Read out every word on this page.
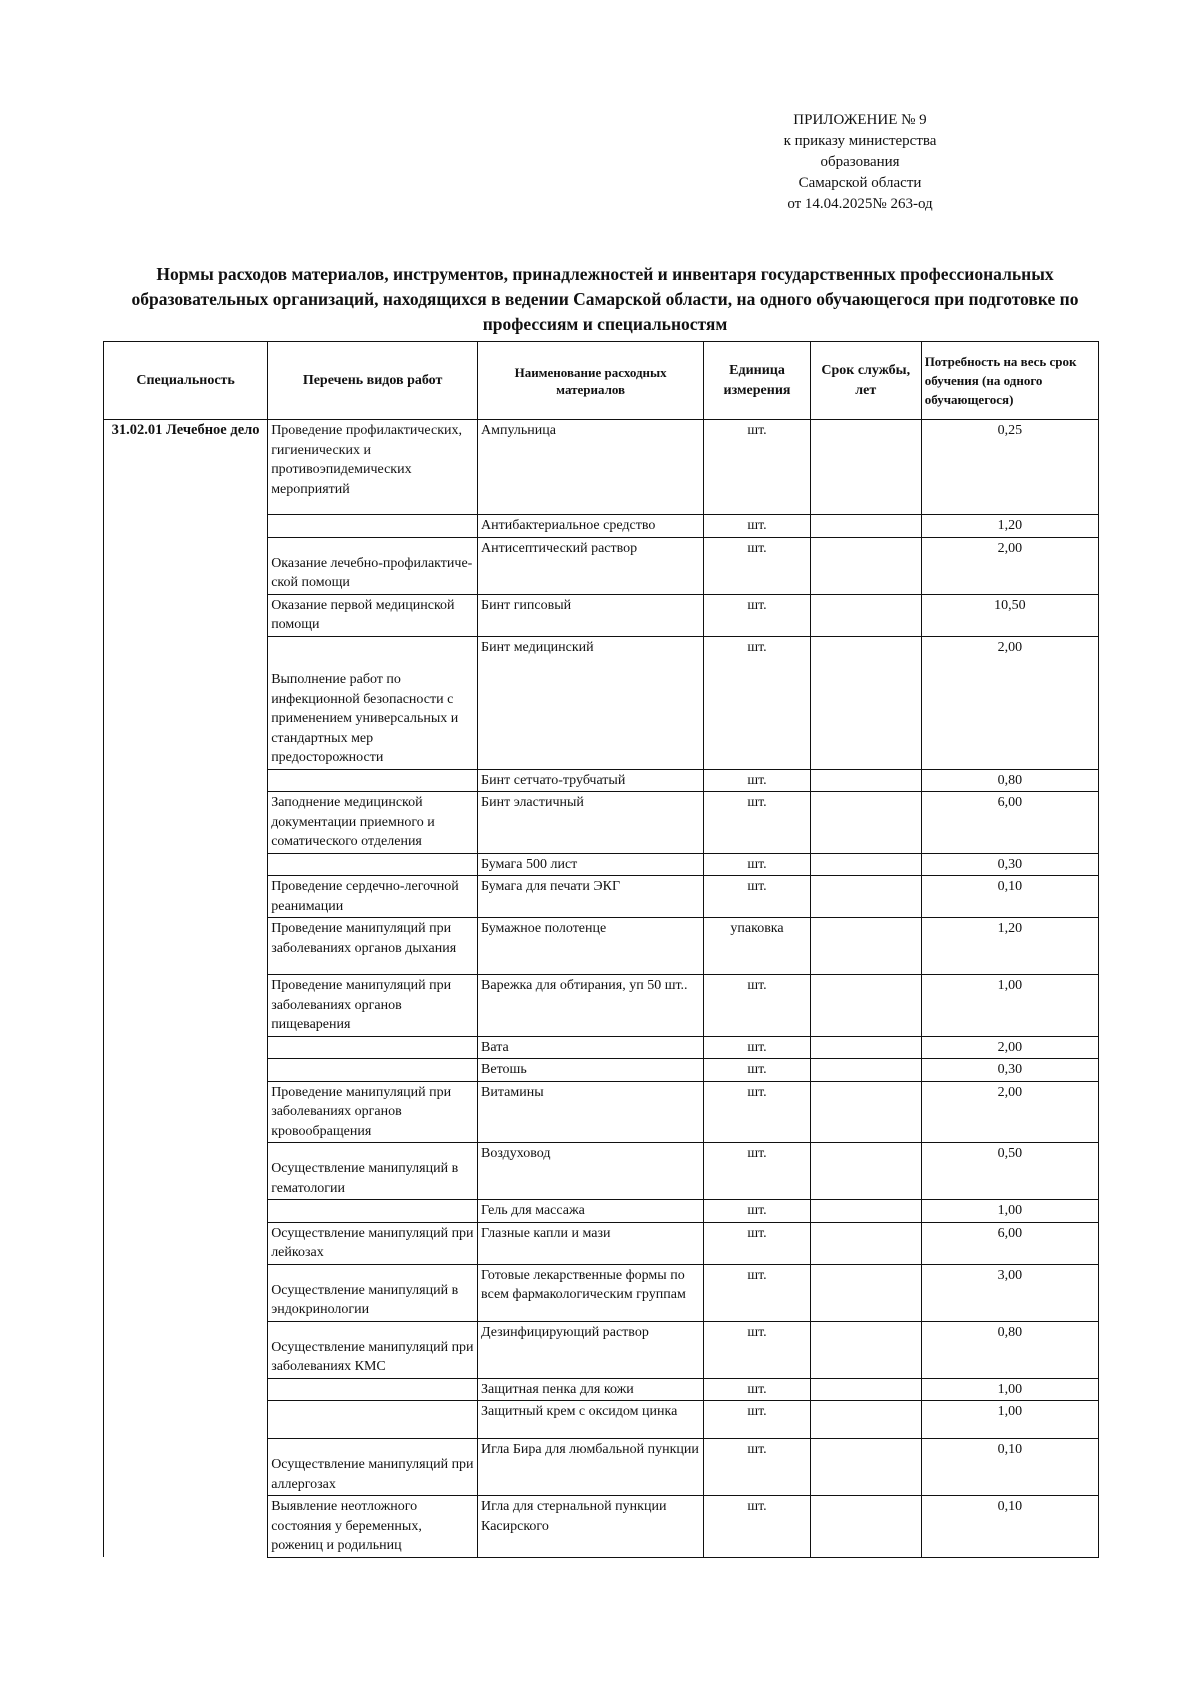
ПРИЛОЖЕНИЕ № 9
к приказу министерства
образования
Самарской области
от 14.04.2025№ 263-од
Нормы расходов материалов, инструментов, принадлежностей и инвентаря государственных профессиональных образовательных организаций, находящихся в ведении Самарской области, на одного обучающегося при подготовке по профессиям и специальностям
Специальность	Перечень видов работ	Наименование расходных материалов	Единица измерения	Срок службы, лет	Потребность на весь срок обучения (на одного обучающегося)
31.02.01 Лечебное дело	Проведение профилактических, гигиенических и противоэпидемических мероприятий	Ампульница	шт.		0,25
		Антибактериальное средство	шт.		1,20
	Оказание лечебно-профилактиче-ской помощи	Антисептический раствор	шт.		2,00
	Оказание первой медицинской помощи	Бинт гипсовый	шт.		10,50
	Выполнение работ по инфекционной безопасности с применением универсальных и стандартных мер предосторожности	Бинт медицинский	шт.		2,00
		Бинт сетчато-трубчатый	шт.		0,80
	Заподнение медицинской документации приемного и соматического отделения	Бинт эластичный	шт.		6,00
		Бумага 500 лист	шт.		0,30
	Проведение сердечно-легочной реанимации	Бумага для печати ЭКГ	шт.		0,10
	Проведение манипуляций при заболеваниях органов дыхания	Бумажное полотенце	упаковка		1,20
	Проведение манипуляций при заболеваниях органов пищеварения	Варежка для обтирания, уп 50 шт..	шт.		1,00
		Вата	шт.		2,00
		Ветошь	шт.		0,30
	Проведение манипуляций при заболеваниях органов кровообращения	Витамины	шт.		2,00
	Осуществление манипуляций в гематологии	Воздуховод	шт.		0,50
		Гель для массажа	шт.		1,00
	Осуществление манипуляций при лейкозах	Глазные капли и мази	шт.		6,00
	Осуществление манипуляций в эндокринологии	Готовые лекарственные формы по всем фармакологическим группам	шт.		3,00
	Осуществление манипуляций при заболеваниях КМС	Дезинфицирующий раствор	шт.		0,80
		Защитная пенка для кожи	шт.		1,00
		Защитный крем с оксидом цинка	шт.		1,00
	Осуществление манипуляций при аллергозах	Игла Бира для люмбальной пункции	шт.		0,10
	Выявление неотложного состояния у беременных, рожениц и родильниц	Игла для стернальной пункции Касирского	шт.		0,10
